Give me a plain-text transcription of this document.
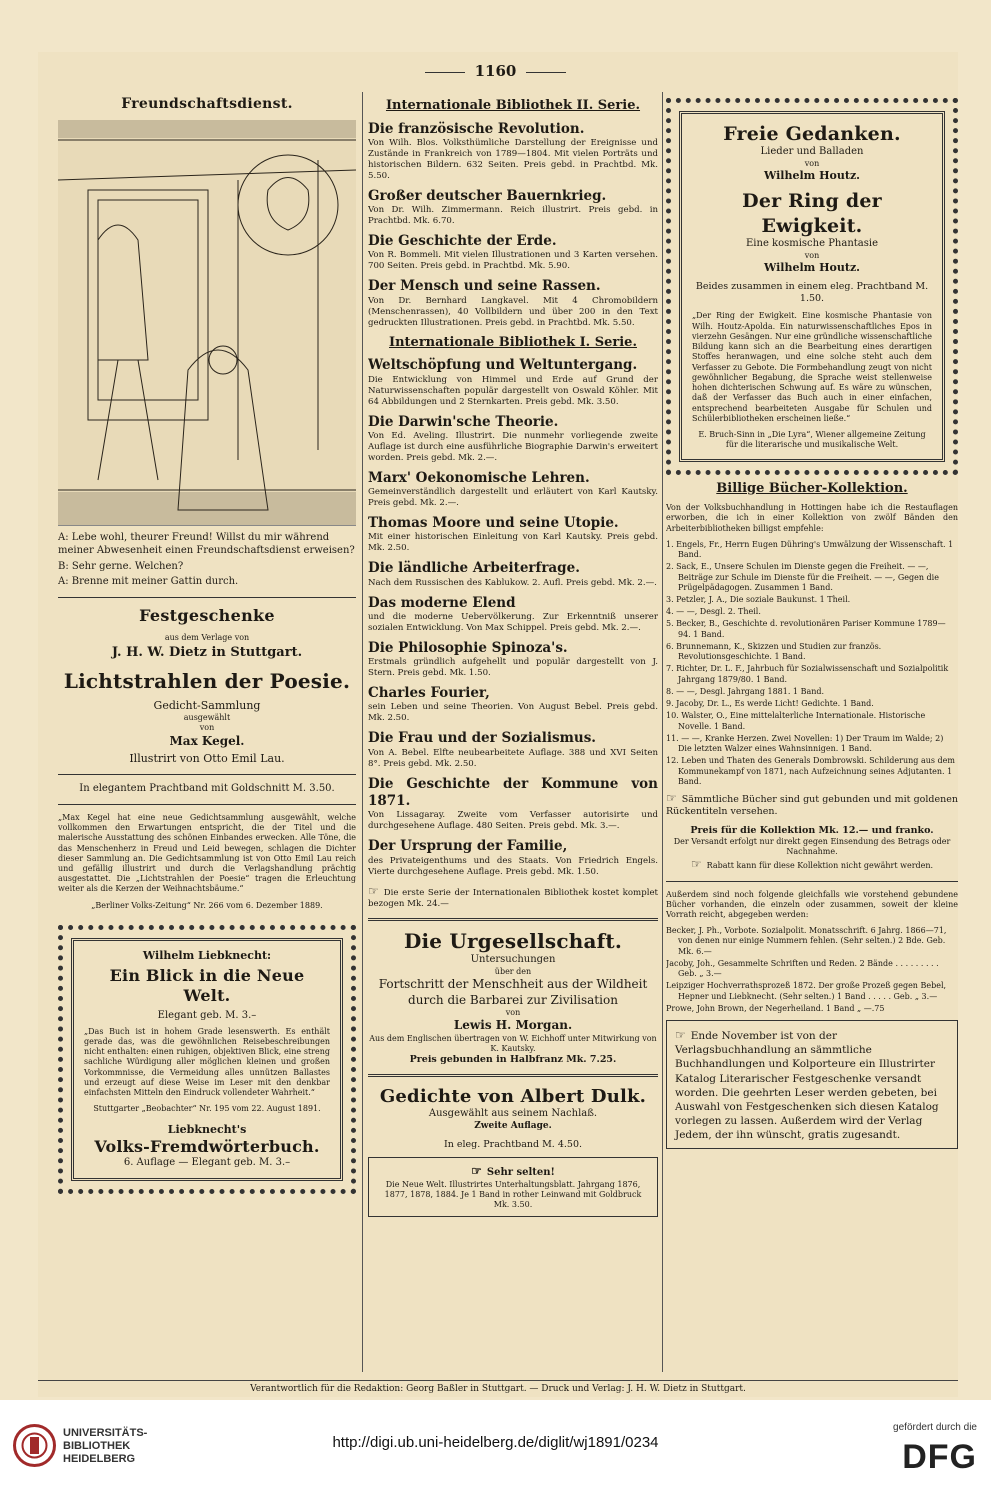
1160
Freundschaftsdienst.

A: Lebe wohl, theurer Freund! Willst du mir während meiner Abwesenheit einen Freundschaftsdienst erweisen?

B: Sehr gerne. Welchen?

A: Brenne mit meiner Gattin durch.

Festgeschenke
aus dem Verlage von
J. H. W. Dietz in Stuttgart.
Lichtstrahlen der Poesie.
Gedicht-Sammlung
ausgewählt
von
Max Kegel.
Illustrirt von Otto Emil Lau.
In elegantem Prachtband mit Goldschnitt M. 3.50.
„Max Kegel hat eine neue Gedichtsammlung ausgewählt, welche vollkommen den Erwartungen entspricht, die der Titel und die malerische Ausstattung des schönen Einbandes erwecken. Alle Töne, die das Menschenherz in Freud und Leid bewegen, schlagen die Dichter dieser Sammlung an. Die Gedichtsammlung ist von Otto Emil Lau reich und gefällig illustrirt und durch die Verlagshandlung prächtig ausgestattet. Die „Lichtstrahlen der Poesie“ tragen die Erleuchtung weiter als die Kerzen der Weihnachtsbäume.“
„Berliner Volks-Zeitung“ Nr. 266 vom 6. Dezember 1889.
Wilhelm Liebknecht:
Ein Blick in die Neue Welt.
Elegant geb. M. 3.–
„Das Buch ist in hohem Grade lesenswerth. Es enthält gerade das, was die gewöhnlichen Reisebeschreibungen nicht enthalten: einen ruhigen, objektiven Blick, eine streng sachliche Würdigung aller möglichen kleinen und großen Vorkommnisse, die Vermeidung alles unnützen Ballastes und erzeugt auf diese Weise im Leser mit den denkbar einfachsten Mitteln den Eindruck vollendeter Wahrheit.“
Stuttgarter „Beobachter“ Nr. 195 vom 22. August 1891.
Liebknecht's
Volks-Fremdwörterbuch.
6. Auflage — Elegant geb. M. 3.–
Internationale Bibliothek II. Serie.
Die französische Revolution.
Von Wilh. Blos. Volksthümliche Darstellung der Ereignisse und Zustände in Frankreich von 1789—1804. Mit vielen Porträts und historischen Bildern. 632 Seiten. Preis gebd. in Prachtbd. Mk. 5.50.
Großer deutscher Bauernkrieg.
Von Dr. Wilh. Zimmermann. Reich illustrirt. Preis gebd. in Prachtbd. Mk. 6.70.
Die Geschichte der Erde.
Von R. Bommeli. Mit vielen Illustrationen und 3 Karten versehen. 700 Seiten. Preis gebd. in Prachtbd. Mk. 5.90.
Der Mensch und seine Rassen.
Von Dr. Bernhard Langkavel. Mit 4 Chromobildern (Menschenrassen), 40 Vollbildern und über 200 in den Text gedruckten Illustrationen. Preis gebd. in Prachtbd. Mk. 5.50.
Internationale Bibliothek I. Serie.
Weltschöpfung und Weltuntergang.
Die Entwicklung von Himmel und Erde auf Grund der Naturwissenschaften populär dargestellt von Oswald Köhler. Mit 64 Abbildungen und 2 Sternkarten. Preis gebd. Mk. 3.50.
Die Darwin'sche Theorie.
Von Ed. Aveling. Illustrirt. Die nunmehr vorliegende zweite Auflage ist durch eine ausführliche Biographie Darwin's erweitert worden. Preis gebd. Mk. 2.—.
Marx' Oekonomische Lehren.
Gemeinverständlich dargestellt und erläutert von Karl Kautsky. Preis gebd. Mk. 2.—.
Thomas Moore und seine Utopie.
Mit einer historischen Einleitung von Karl Kautsky. Preis gebd. Mk. 2.50.
Die ländliche Arbeiterfrage.
Nach dem Russischen des Kablukow. 2. Aufl. Preis gebd. Mk. 2.—.
Das moderne Elend
und die moderne Uebervölkerung. Zur Erkenntniß unserer sozialen Entwicklung. Von Max Schippel. Preis gebd. Mk. 2.—.
Die Philosophie Spinoza's.
Erstmals gründlich aufgehellt und populär dargestellt von J. Stern. Preis gebd. Mk. 1.50.
Charles Fourier,
sein Leben und seine Theorien. Von August Bebel. Preis gebd. Mk. 2.50.
Die Frau und der Sozialismus.
Von A. Bebel. Elfte neubearbeitete Auflage. 388 und XVI Seiten 8°. Preis gebd. Mk. 2.50.
Die Geschichte der Kommune von 1871.
Von Lissagaray. Zweite vom Verfasser autorisirte und durchgesehene Auflage. 480 Seiten. Preis gebd. Mk. 3.—.
Der Ursprung der Familie,
des Privateigenthums und des Staats. Von Friedrich Engels. Vierte durchgesehene Auflage. Preis gebd. Mk. 1.50.
☞ Die erste Serie der Internationalen Bibliothek kostet komplet bezogen Mk. 24.—
Die Urgesellschaft.
Untersuchungen
über den
Fortschritt der Menschheit aus der Wildheit durch die Barbarei zur Zivilisation
von
Lewis H. Morgan.
Aus dem Englischen übertragen von W. Eichhoff unter Mitwirkung von K. Kautsky.
Preis gebunden in Halbfranz Mk. 7.25.
Gedichte von Albert Dulk.
Ausgewählt aus seinem Nachlaß.
Zweite Auflage.
In eleg. Prachtband M. 4.50.
☞ Sehr selten!
Die Neue Welt. Illustrirtes Unterhaltungsblatt. Jahrgang 1876, 1877, 1878, 1884. Je 1 Band in rother Leinwand mit Goldbruck Mk. 3.50.
Freie Gedanken.
Lieder und Balladen
von
Wilhelm Houtz.
Der Ring der Ewigkeit.
Eine kosmische Phantasie
von
Wilhelm Houtz.
Beides zusammen in einem eleg. Prachtband M. 1.50.
„Der Ring der Ewigkeit. Eine kosmische Phantasie von Wilh. Houtz-Apolda. Ein naturwissenschaftliches Epos in vierzehn Gesängen. Nur eine gründliche wissenschaftliche Bildung kann sich an die Bearbeitung eines derartigen Stoffes heranwagen, und eine solche steht auch dem Verfasser zu Gebote. Die Formbehandlung zeugt von nicht gewöhnlicher Begabung, die Sprache weist stellenweise hohen dichterischen Schwung auf. Es wäre zu wünschen, daß der Verfasser das Buch auch in einer einfachen, entsprechend bearbeiteten Ausgabe für Schulen und Schülerbibliotheken erscheinen ließe.“
E. Bruch-Sinn in „Die Lyra“, Wiener allgemeine Zeitung für die literarische und musikalische Welt.
Billige Bücher-Kollektion.
Von der Volksbuchhandlung in Hottingen habe ich die Restauflagen erworben, die ich in einer Kollektion von zwölf Bänden den Arbeiterbibliotheken billigst empfehle:
1. Engels, Fr., Herrn Eugen Dühring's Umwälzung der Wissenschaft. 1 Band.
2. Sack, E., Unsere Schulen im Dienste gegen die Freiheit. — —, Beiträge zur Schule im Dienste für die Freiheit. — —, Gegen die Prügelpädagogen. Zusammen 1 Band.
3. Petzler, J. A., Die soziale Baukunst. 1 Theil.
4. — —, Desgl. 2. Theil.
5. Becker, B., Geschichte d. revolutionären Pariser Kommune 1789—94. 1 Band.
6. Brunnemann, K., Skizzen und Studien zur französ. Revolutionsgeschichte. 1 Band.
7. Richter, Dr. L. F., Jahrbuch für Sozialwissenschaft und Sozialpolitik Jahrgang 1879/80. 1 Band.
8. — —, Desgl. Jahrgang 1881. 1 Band.
9. Jacoby, Dr. L., Es werde Licht! Gedichte. 1 Band.
10. Walster, O., Eine mittelalterliche Internationale. Historische Novelle. 1 Band.
11. — —, Kranke Herzen. Zwei Novellen: 1) Der Traum im Walde; 2) Die letzten Walzer eines Wahnsinnigen. 1 Band.
12. Leben und Thaten des Generals Dombrowski. Schilderung aus dem Kommunekampf von 1871, nach Aufzeichnung seines Adjutanten. 1 Band.
☞ Sämmtliche Bücher sind gut gebunden und mit goldenen Rückentiteln versehen.
Preis für die Kollektion Mk. 12.— und franko.
Der Versandt erfolgt nur direkt gegen Einsendung des Betrags oder Nachnahme.
☞ Rabatt kann für diese Kollektion nicht gewährt werden.
Außerdem sind noch folgende gleichfalls wie vorstehend gebundene Bücher vorhanden, die einzeln oder zusammen, soweit der kleine Vorrath reicht, abgegeben werden:
Becker, J. Ph., Vorbote. Sozialpolit. Monatsschrift. 6 Jahrg. 1866—71, von denen nur einige Nummern fehlen. (Sehr selten.) 2 Bde. Geb. Mk. 6.—
Jacoby, Joh., Gesammelte Schriften und Reden. 2 Bände . . . . . . . . . Geb. „ 3.—
Leipziger Hochverrathsprozeß 1872. Der große Prozeß gegen Bebel, Hepner und Liebknecht. (Sehr selten.) 1 Band . . . . . Geb. „ 3.—
Prowe, John Brown, der Negerheiland. 1 Band „ —.75
☞ Ende November ist von der Verlagsbuchhandlung an sämmtliche Buchhandlungen und Kolporteure ein Illustrirter Katalog Literarischer Festgeschenke versandt worden. Die geehrten Leser werden gebeten, bei Auswahl von Festgeschenken sich diesen Katalog vorlegen zu lassen. Außerdem wird der Verlag Jedem, der ihn wünscht, gratis zugesandt.
Verantwortlich für die Redaktion: Georg Baßler in Stuttgart. — Druck und Verlag: J. H. W. Dietz in Stuttgart.
UNIVERSITÄTS-
BIBLIOTHEK
HEIDELBERG
http://digi.ub.uni-heidelberg.de/diglit/wj1891/0234
gefördert durch die
DFG
